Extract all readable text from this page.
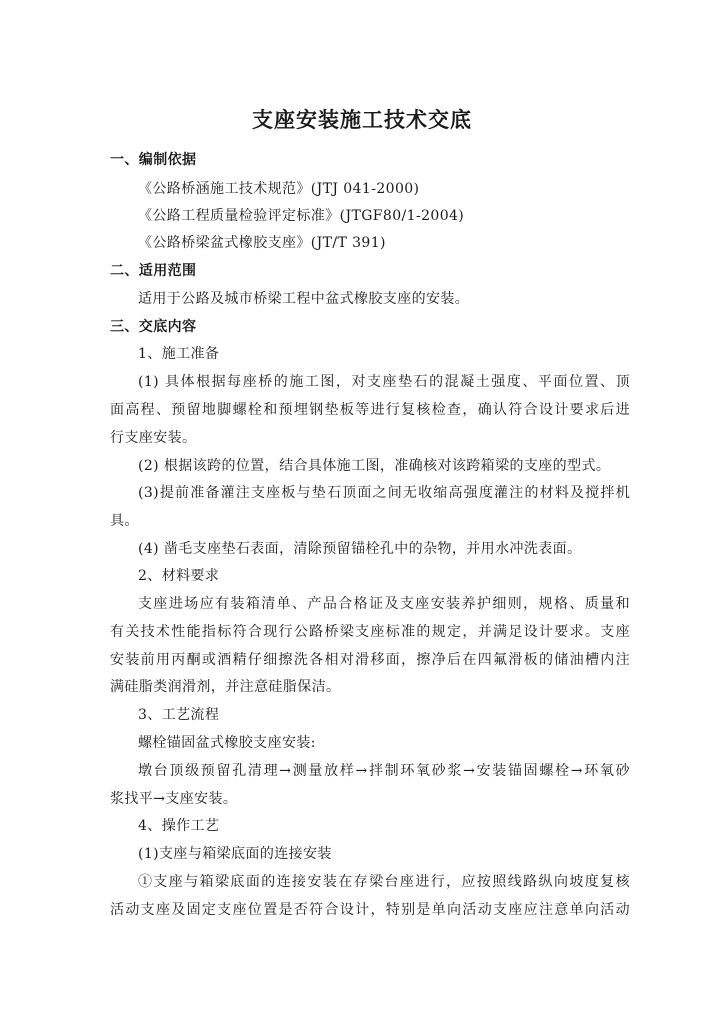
支座安装施工技术交底
一、编制依据
《公路桥涵施工技术规范》(JTJ 041-2000)
《公路工程质量检验评定标准》(JTGF80/1-2004)
《公路桥梁盆式橡胶支座》(JT/T 391)
二、适用范围
适用于公路及城市桥梁工程中盆式橡胶支座的安装。
三、交底内容
1、施工准备
(1) 具体根据每座桥的施工图，对支座垫石的混凝土强度、平面位置、顶
面高程、预留地脚螺栓和预埋钢垫板等进行复核检查，确认符合设计要求后进
行支座安装。
(2) 根据该跨的位置，结合具体施工图，准确核对该跨箱梁的支座的型式。
(3)提前准备灌注支座板与垫石顶面之间无收缩高强度灌注的材料及搅拌机
具。
(4) 凿毛支座垫石表面，清除预留锚栓孔中的杂物，并用水冲洗表面。
2、材料要求
支座进场应有装箱清单、产品合格证及支座安装养护细则，规格、质量和
有关技术性能指标符合现行公路桥梁支座标准的规定，并满足设计要求。支座
安装前用丙酮或酒精仔细擦洗各相对滑移面，擦净后在四氟滑板的储油槽内注
满硅脂类润滑剂，并注意硅脂保洁。
3、工艺流程
螺栓锚固盆式橡胶支座安装:
墩台顶级预留孔清理→测量放样→拌制环氧砂浆→安装锚固螺栓→环氧砂
浆找平→支座安装。
4、操作工艺
(1)支座与箱梁底面的连接安装
①支座与箱梁底面的连接安装在存梁台座进行，应按照线路纵向坡度复核
活动支座及固定支座位置是否符合设计，特别是单向活动支座应注意单向活动
